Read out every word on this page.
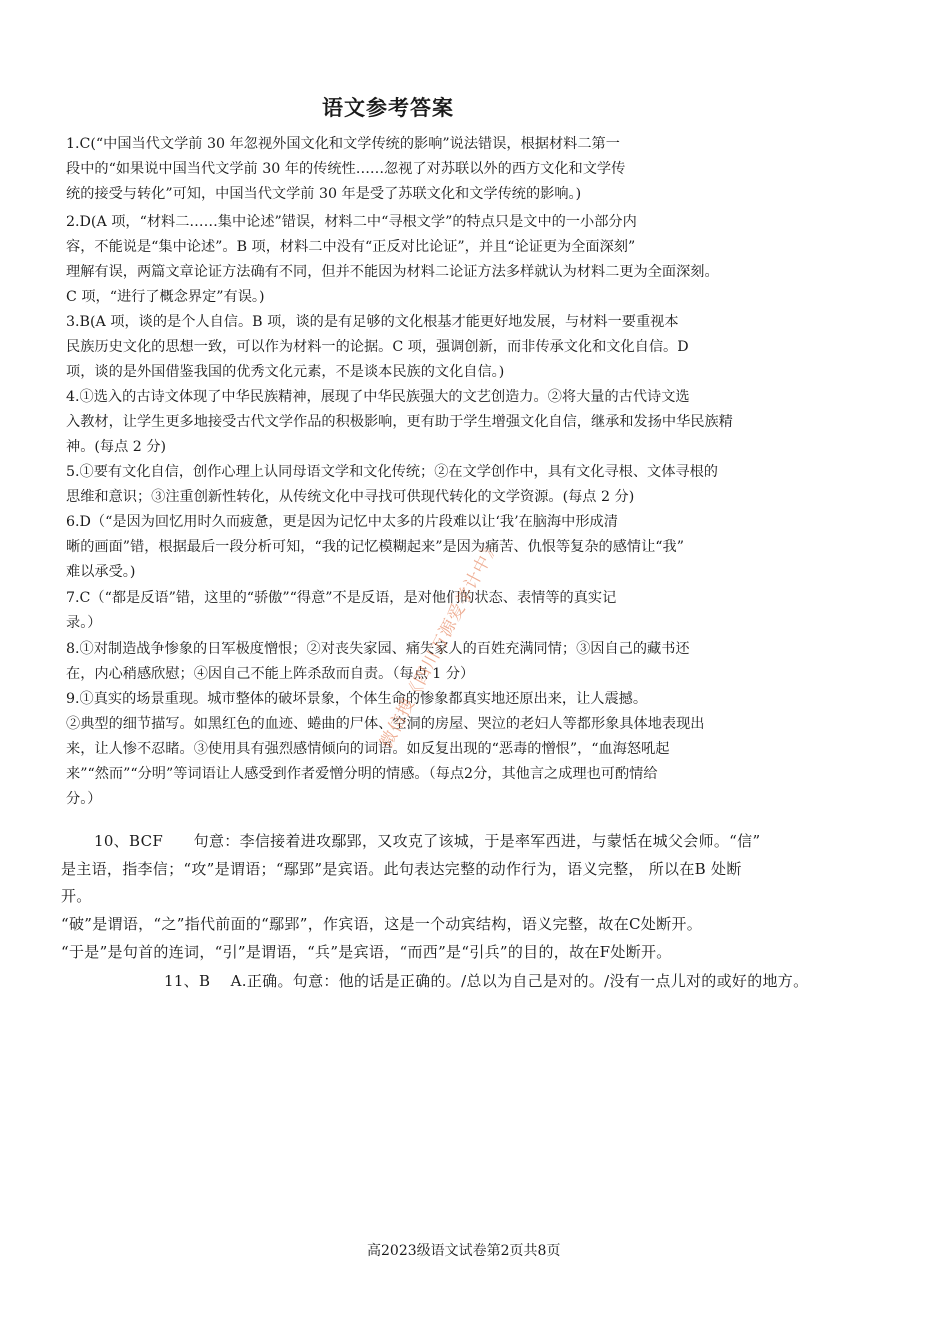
语文参考答案
1.C(“中国当代文学前 30 年忽视外国文化和文学传统的影响”说法错误，根据材料二第一
段中的“如果说中国当代文学前 30 年的传统性……忽视了对苏联以外的西方文化和文学传
统的接受与转化”可知，中国当代文学前 30 年是受了苏联文化和文学传统的影响。)
2.D(A 项，“材料二……集中论述”错误，材料二中“寻根文学”的特点只是文中的一小部分内
容，不能说是“集中论述”。B 项，材料二中没有“正反对比论证”，并且“论证更为全面深刻”
理解有误，两篇文章论证方法确有不同，但并不能因为材料二论证方法多样就认为材料二更为全面深刻。
C 项，“进行了概念界定”有误。)
3.B(A 项，谈的是个人自信。B 项，谈的是有足够的文化根基才能更好地发展，与材料一要重视本
民族历史文化的思想一致，可以作为材料一的论据。C 项，强调创新，而非传承文化和文化自信。D
项，谈的是外国借鉴我国的优秀文化元素，不是谈本民族的文化自信。)
4.①选入的古诗文体现了中华民族精神，展现了中华民族强大的文艺创造力。②将大量的古代诗文选
入教材，让学生更多地接受古代文学作品的积极影响，更有助于学生增强文化自信，继承和发扬中华民族精
神。(每点 2 分)
5.①要有文化自信，创作心理上认同母语文学和文化传统；②在文学创作中，具有文化寻根、文体寻根的
思维和意识；③注重创新性转化，从传统文化中寻找可供现代转化的文学资源。(每点 2 分)
6.D（“是因为回忆用时久而疲惫，更是因为记忆中太多的片段难以让‘我’在脑海中形成清
晰的画面”错，根据最后一段分析可知，“我的记忆模糊起来”是因为痛苦、仇恨等复杂的感情让“我”
难以承受。)
7.C（“都是反语”错，这里的“骄傲”“得意”不是反语，是对他们的状态、表情等的真实记
录。）
8.①对制造战争惨象的日军极度憎恨；②对丧失家园、痛失家人的百姓充满同情；③因自己的藏书还
在，内心稍感欣慰；④因自己不能上阵杀敌而自责。（每点 1 分）
9.①真实的场景重现。城市整体的破坏景象，个体生命的惨象都真实地还原出来，让人震撼。
②典型的细节描写。如黑红色的血迹、蜷曲的尸体、空洞的房屋、哭泣的老妇人等都形象具体地表现出
来，让人惨不忍睹。③使用具有强烈感情倾向的词语。如反复出现的“恶毒的憎恨”，“血海怒吼起
来”“然而”“分明”等词语让人感受到作者爱憎分明的情感。（每点2分，其他言之成理也可酌情给
分。）
10、BCF　　句意：李信接着进攻鄢郢，又攻克了该城，于是率军西进，与蒙恬在城父会师。“信”
是主语，指李信；“攻”是谓语；“鄢郢”是宾语。此句表达完整的动作行为，语义完整， 所以在B 处断
开。
“破”是谓语，“之”指代前面的“鄢郢”，作宾语，这是一个动宾结构，语义完整，故在C处断开。
“于是”是句首的连词，“引”是谓语，“兵”是宾语，“而西”是“引兵”的目的，故在F处断开。
11、B　 A.正确。句意：他的话是正确的。/总以为自己是对的。/没有一点儿对的或好的地方。
微信搜《四川万源爱学计中》
高2023级语文试卷第2页共8页
